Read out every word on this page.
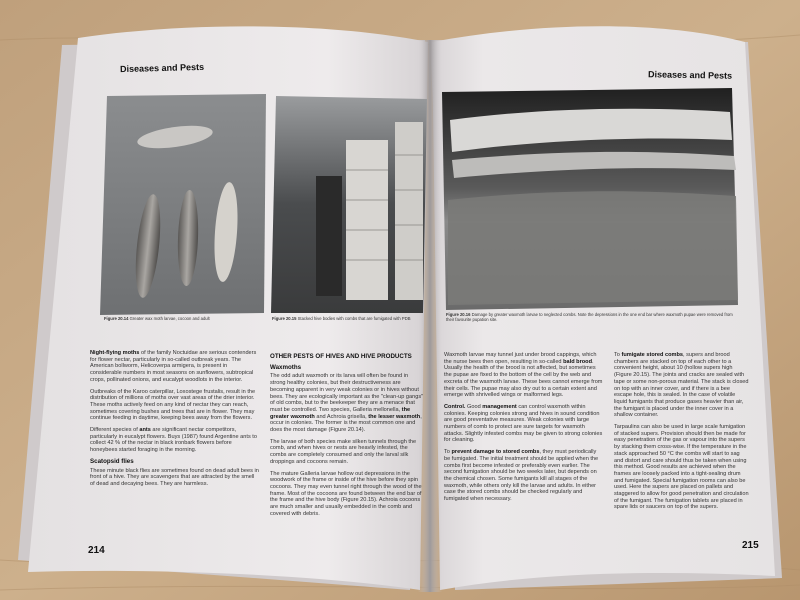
Diseases and Pests
Diseases and Pests
Figure 20.14 Greater wax moth larvae, cocoon and adult	Figure 20.15 Stacked hive bodies with combs that are fumigated with PDB
Figure 20.16 Damage by greater waxmoth larvae to neglected combs. Note the depressions in the one end bar where waxmoth pupae were removed from their favourite pupation site.
Night-flying moths of the family Noctuidae are serious contenders for flower nectar, particularly in so-called outbreak years. The American bollworm, Helicoverpa armigera, is present in considerable numbers in most seasons on sunflowers, subtropical crops, pollinated onions, and eucalypt woodlots in the interior.
Outbreaks of the Karoo caterpillar, Loxostege frustalis, result in the distribution of millions of moths over vast areas of the drier interior. These moths actively feed on any kind of nectar they can reach, sometimes covering bushes and trees that are in flower. They may continue feeding in daytime, keeping bees away from the flowers.
Different species of ants are significant nectar competitors, particularly in eucalypt flowers. Buys (1987) found Argentine ants to collect 42 % of the nectar in black ironbark flowers before honeybees started foraging in the morning.
Scatopsid flies
These minute black flies are sometimes found on dead adult bees in front of a hive. They are scavengers that are attracted by the smell of dead and decaying bees. They are harmless.
OTHER PESTS OF HIVES AND HIVE PRODUCTS
Waxmoths
The odd adult waxmoth or its larva will often be found in strong healthy colonies, but their destructiveness are becoming apparent in very weak colonies or in hives without bees. They are ecologically important as the "clean-up gangs" of old combs, but to the beekeeper they are a menace that must be controlled. Two species, Galleria mellonella, the greater waxmoth and Achroia grisella, the lesser waxmoth, occur in colonies. The former is the most common one and does the most damage (Figure 20.14).
The larvae of both species make silken tunnels through the comb, and when hives or nests are heavily infested, the combs are completely consumed and only the larval silk droppings and cocoons remain.
The mature Galleria larvae hollow out depressions in the woodwork of the frame or inside of the hive before they spin cocoons. They may even tunnel right through the wood of the frame. Most of the cocoons are found between the end bar of the frame and the hive body (Figure 20.15). Achroia cocoons are much smaller and usually embedded in the comb and covered with debris.
Waxmoth larvae may tunnel just under brood cappings, which the nurse bees then open, resulting in so-called bald brood. Usually the health of the brood is not affected, but sometimes the pupae are fixed to the bottom of the cell by the web and excreta of the waxmoth larvae. These bees cannot emerge from their cells. The pupae may also dry out to a certain extent and emerge with shrivelled wings or malformed legs.
Control. Good management can control waxmoth within colonies. Keeping colonies strong and hives in sound condition are good preventative measures. Weak colonies with large numbers of comb to protect are sure targets for waxmoth attacks. Slightly infested combs may be given to strong colonies for cleaning.
To prevent damage to stored combs, they must periodically be fumigated. The initial treatment should be applied when the combs first become infested or preferably even earlier. The second fumigation should be two weeks later, but depends on the chemical chosen. Some fumigants kill all stages of the waxmoth, while others only kill the larvae and adults. In either case the stored combs should be checked regularly and fumigated when necessary.
To fumigate stored combs, supers and brood chambers are stacked on top of each other to a convenient height, about 10 (hollow supers high (Figure 20.15). The joints and cracks are sealed with tape or some non-porous material. The stack is closed on top with an inner cover, and if there is a bee escape hole, this is sealed. In the case of volatile liquid fumigants that produce gases heavier than air, the fumigant is placed under the inner cover in a shallow container.
Tarpaulins can also be used in large scale fumigation of stacked supers. Provision should then be made for easy penetration of the gas or vapour into the supers by stacking them cross-wise. If the temperature in the stack approached 50 °C the combs will start to sag and distort and care should thus be taken when using this method. Good results are achieved when the frames are loosely packed into a tight-sealing drum and fumigated. Special fumigation rooms can also be used. Here the supers are placed on pallets and staggered to allow for good penetration and circulation of the fumigant. The fumigation tablets are placed in spare lids or saucers on top of the supers.
214	215
